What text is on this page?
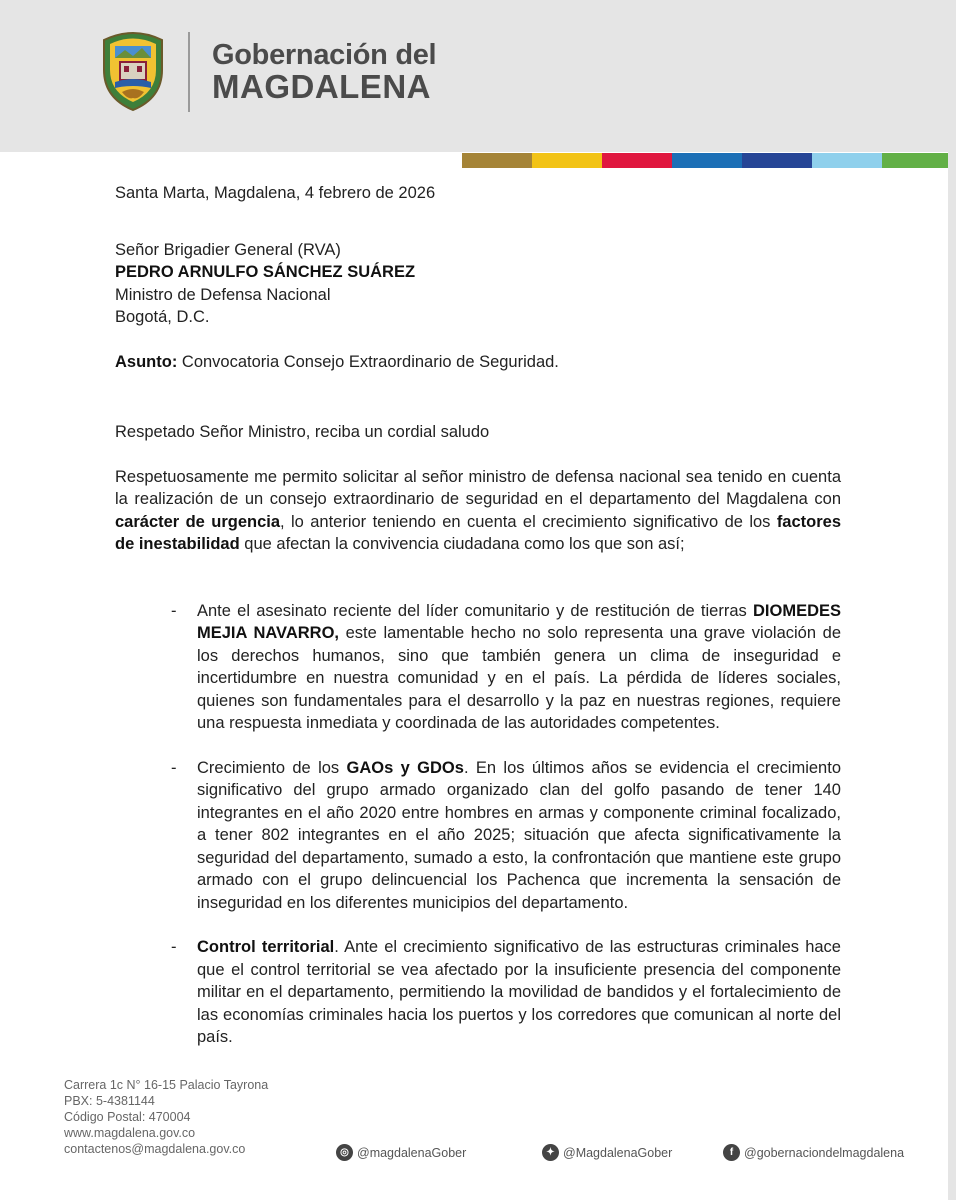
Gobernación del
MAGDALENA

Santa Marta, Magdalena, 4 febrero de 2026

Señor Brigadier General (RVA)

PEDRO ARNULFO SÁNCHEZ SUÁREZ

Ministro de Defensa Nacional

Bogotá, D.C.

Asunto: Convocatoria Consejo Extraordinario de Seguridad.

Respetado Señor Ministro, reciba un cordial saludo

Respetuosamente me permito solicitar al señor ministro de defensa nacional sea tenido en cuenta la realización de un consejo extraordinario de seguridad en el departamento del Magdalena con carácter de urgencia, lo anterior teniendo en cuenta el crecimiento significativo de los factores de inestabilidad que afectan la convivencia ciudadana como los que son así;

- Ante el asesinato reciente del líder comunitario y de restitución de tierras DIOMEDES MEJIA NAVARRO, este lamentable hecho no solo representa una grave violación de los derechos humanos, sino que también genera un clima de inseguridad e incertidumbre en nuestra comunidad y en el país. La pérdida de líderes sociales, quienes son fundamentales para el desarrollo y la paz en nuestras regiones, requiere una respuesta inmediata y coordinada de las autoridades competentes.
- Crecimiento de los GAOs y GDOs. En los últimos años se evidencia el crecimiento significativo del grupo armado organizado clan del golfo pasando de tener 140 integrantes en el año 2020 entre hombres en armas y componente criminal focalizado, a tener 802 integrantes en el año 2025; situación que afecta significativamente la seguridad del departamento, sumado a esto, la confrontación que mantiene este grupo armado con el grupo delincuencial los Pachenca que incrementa la sensación de inseguridad en los diferentes municipios del departamento.
- Control territorial. Ante el crecimiento significativo de las estructuras criminales hace que el control territorial se vea afectado por la insuficiente presencia del componente militar en el departamento, permitiendo la movilidad de bandidos y el fortalecimiento de las economías criminales hacia los puertos y los corredores que comunican al norte del país.
Carrera 1c N° 16-15 Palacio Tayrona
PBX: 5-4381144
Código Postal: 470004
www.magdalena.gov.co
contactenos@magdalena.gov.co	◎ @magdalenaGober	✦ @MagdalenaGober	f @gobernaciondelmagdalena
